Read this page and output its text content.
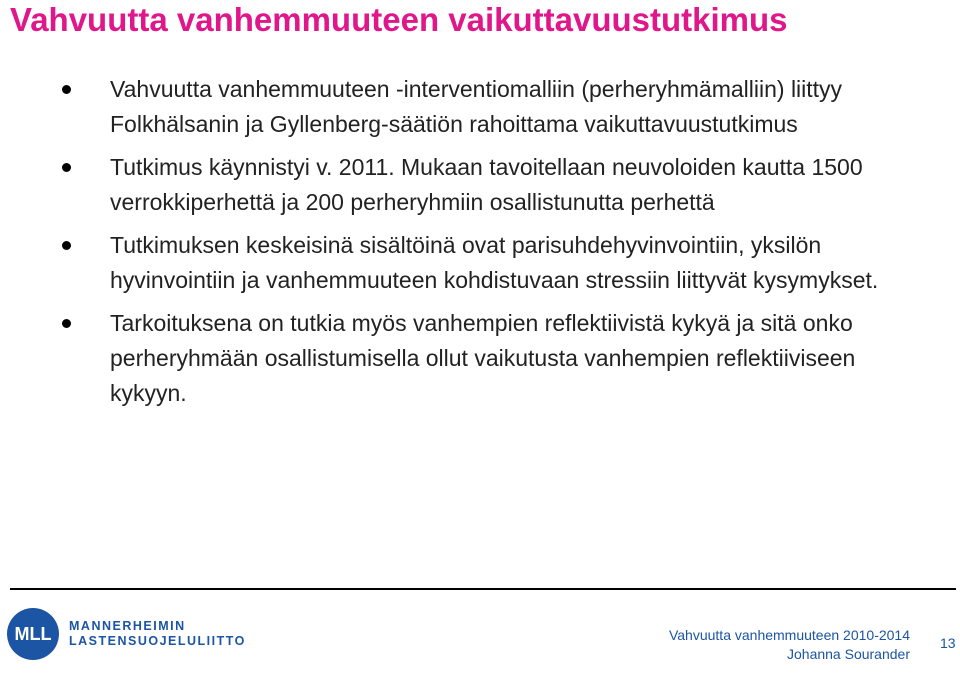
Vahvuutta vanhemmuuteen vaikuttavuustutkimus
Vahvuutta vanhemmuuteen -interventiomalliin (perheryhmämalliin) liittyy Folkhälsanin ja Gyllenberg-säätiön rahoittama vaikuttavuustutkimus
Tutkimus käynnistyi v. 2011. Mukaan tavoitellaan neuvoloiden kautta 1500 verrokkiperhettä ja 200 perheryhmiin osallistunutta perhettä
Tutkimuksen keskeisinä sisältöinä ovat parisuhdehyvinvointiin, yksilön hyvinvointiin ja vanhemmuuteen kohdistuvaan stressiin liittyvät kysymykset.
Tarkoituksena on tutkia myös vanhempien reflektiivistä kykyä ja sitä onko perheryhmään osallistumisella ollut vaikutusta vanhempien reflektiiviseen kykyyn.
MLL MANNERHEIMIN
LASTENSUOJELULIITTO	Vahvuutta vanhemmuuteen 2010-2014
Johanna Sourander
13
